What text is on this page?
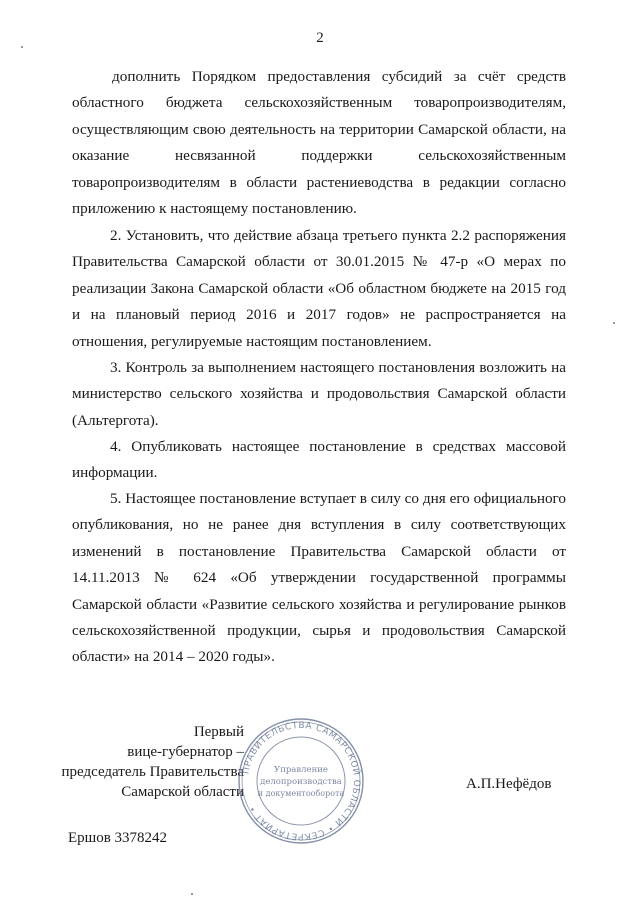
2

дополнить Порядком предоставления субсидий за счёт средств областного бюджета сельскохозяйственным товаропроизводителям, осуществляющим свою деятельность на территории Самарской области, на оказание несвязанной поддержки сельскохозяйственным товаропроизводителям в области растениеводства в редакции согласно приложению к настоящему постановлению.

2. Установить, что действие абзаца третьего пункта 2.2 распоряжения Правительства Самарской области от 30.01.2015 № 47-р «О мерах по реализации Закона Самарской области «Об областном бюджете на 2015 год и на плановый период 2016 и 2017 годов» не распространяется на отношения, регулируемые настоящим постановлением.

3. Контроль за выполнением настоящего постановления возложить на министерство сельского хозяйства и продовольствия Самарской области (Альтергота).

4. Опубликовать настоящее постановление в средствах массовой информации.

5. Настоящее постановление вступает в силу со дня его официального опубликования, но не ранее дня вступления в силу соответствующих изменений в постановление Правительства Самарской области от 14.11.2013 № 624 «Об утверждении государственной программы Самарской области «Развитие сельского хозяйства и регулирование рынков сельскохозяйственной продукции, сырья и продовольствия Самарской области» на 2014 – 2020 годы».

Первый
вице-губернатор –
председатель Правительства
Самарской области
ПРАВИТЕЛЬСТВА САМАРСКОЙ ОБЛАСТИ • СЕКРЕТАРИАТ •
Управление
делопроизводства
и документооборота
А.П.Нефёдов
Ершов 3378242
